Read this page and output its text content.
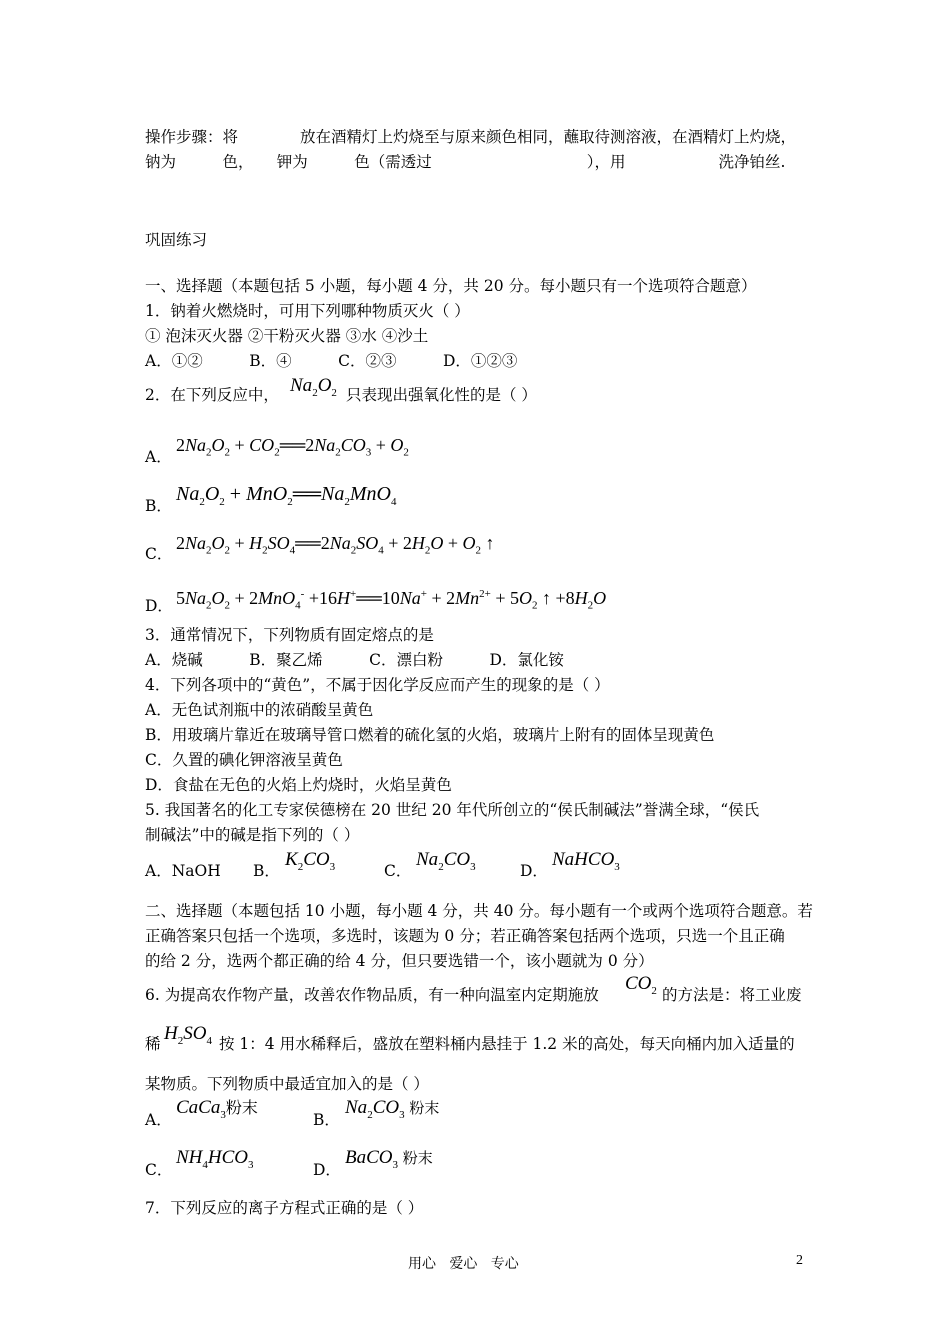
操作步骤：将　　　　放在酒精灯上灼烧至与原来颜色相同，蘸取待测溶液，在酒精灯上灼烧，
钠为　　　色，　　钾为　　　色（需透过　　　　　　　　　　），用　　　　　　洗净铂丝.
巩固练习
一、选择题（本题包括 5 小题，每小题 4 分，共 20 分。每小题只有一个选项符合题意）
1．钠着火燃烧时，可用下列哪种物质灭火（ ）
① 泡沫灭火器 ②干粉灭火器 ③水 ④沙土
A．①②　　　B．④　　　C．②③　　　D．①②③
2．在下列反应中， $Na_2O_2$ 只表现出强氧化性的是（ ）
A．
$2Na_2O_2$ + $CO_2══2Na_2CO_3 + O_2$
B．
$Na_2O_2$ + $MnO_2══Na_2MnO_4$
C．
$2Na_2O_2$ + $H_2SO_4══2Na_2SO_4 + 2H_2O + O_2$ ↑
D． $5Na_2O_2 + 2MnO_4^-$ +16H+══10Na+ + $2Mn^{2+} + 5O_2$ ↑ $+8H_2O$
3．通常情况下，下列物质有固定熔点的是
A．烧碱　　　B．聚乙烯　　　C．漂白粉　　　D．氯化铵
4．下列各项中的“黄色”，不属于因化学反应而产生的现象的是（ ）
A．无色试剂瓶中的浓硝酸呈黄色
B．用玻璃片靠近在玻璃导管口燃着的硫化氢的火焰，玻璃片上附有的固体呈现黄色
C．久置的碘化钾溶液呈黄色
D．食盐在无色的火焰上灼烧时，火焰呈黄色
5. 我国著名的化工专家侯德榜在 20 世纪 20 年代所创立的“侯氏制碱法”誉满全球，“侯氏
制碱法”中的碱是指下列的（ ）
A．NaOH B．
$K_2CO_3$	C．
$Na_2CO_3$	D．
NaHCO$_3$
二、选择题（本题包括 10 小题，每小题 4 分，共 40 分。每小题有一个或两个选项符合题意。若
正确答案只包括一个选项，多选时，该题为 0 分；若正确答案包括两个选项，只选一个且正确
的给 2 分，选两个都正确的给 4 分，但只要选错一个，该小题就为 0 分）
6. 为提高农作物产量，改善农作物品质，有一种向温室内定期施放
$CO_2$ 的方法是：将工业废
稀 $H_2SO_4$ 按 1：4 用水稀释后，盛放在塑料桶内悬挂于 1.2 米的高处，每天向桶内加入适量的
某物质。下列物质中最适宜加入的是（ ）
A．
CaCa$_3$粉末
B．
$Na_2CO_3$ 粉末
C．
$NH_4HCO_3$	D．
BaCO$_3$ 粉末
7．下列反应的离子方程式正确的是（ ）
用心   爱心   专心	2
